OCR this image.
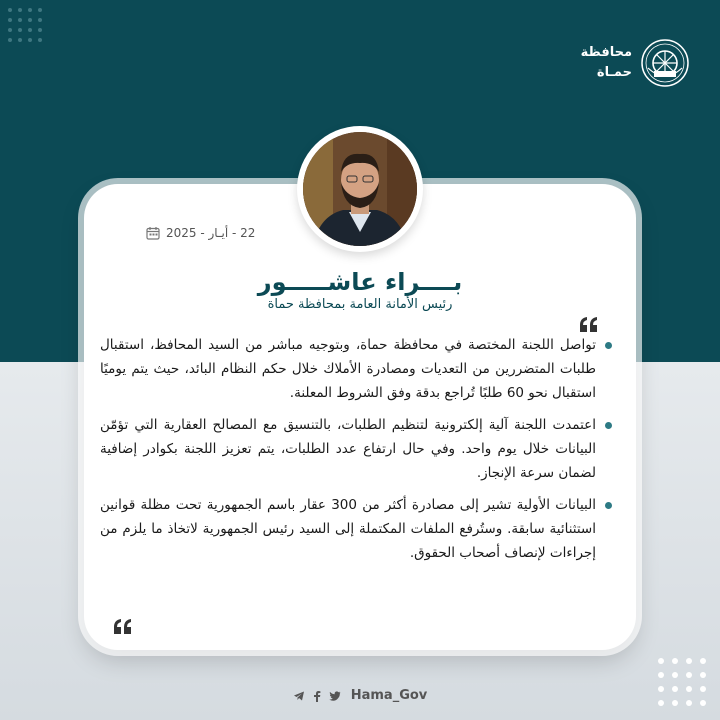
محافظة
حمـاة
22 - أيـار - 2025
بــــراء عاشـــــور
رئيس الأمانة العامة بمحافظة حماة
تواصل اللجنة المختصة في محافظة حماة، وبتوجيه مباشر من السيد المحافظ، استقبال طلبات المتضررين من التعديات ومصادرة الأملاك خلال حكم النظام البائد، حيث يتم يوميًا استقبال نحو 60 طلبًا تُراجع بدقة وفق الشروط المعلنة.
اعتمدت اللجنة آلية إلكترونية لتنظيم الطلبات، بالتنسيق مع المصالح العقارية التي تؤمّن البيانات خلال يوم واحد. وفي حال ارتفاع عدد الطلبات، يتم تعزيز اللجنة بكوادر إضافية لضمان سرعة الإنجاز.
البيانات الأولية تشير إلى مصادرة أكثر من 300 عقار باسم الجمهورية تحت مظلة قوانين استثنائية سابقة. وستُرفع الملفات المكتملة إلى السيد رئيس الجمهورية لاتخاذ ما يلزم من إجراءات لإنصاف أصحاب الحقوق.
Hama_Gov
